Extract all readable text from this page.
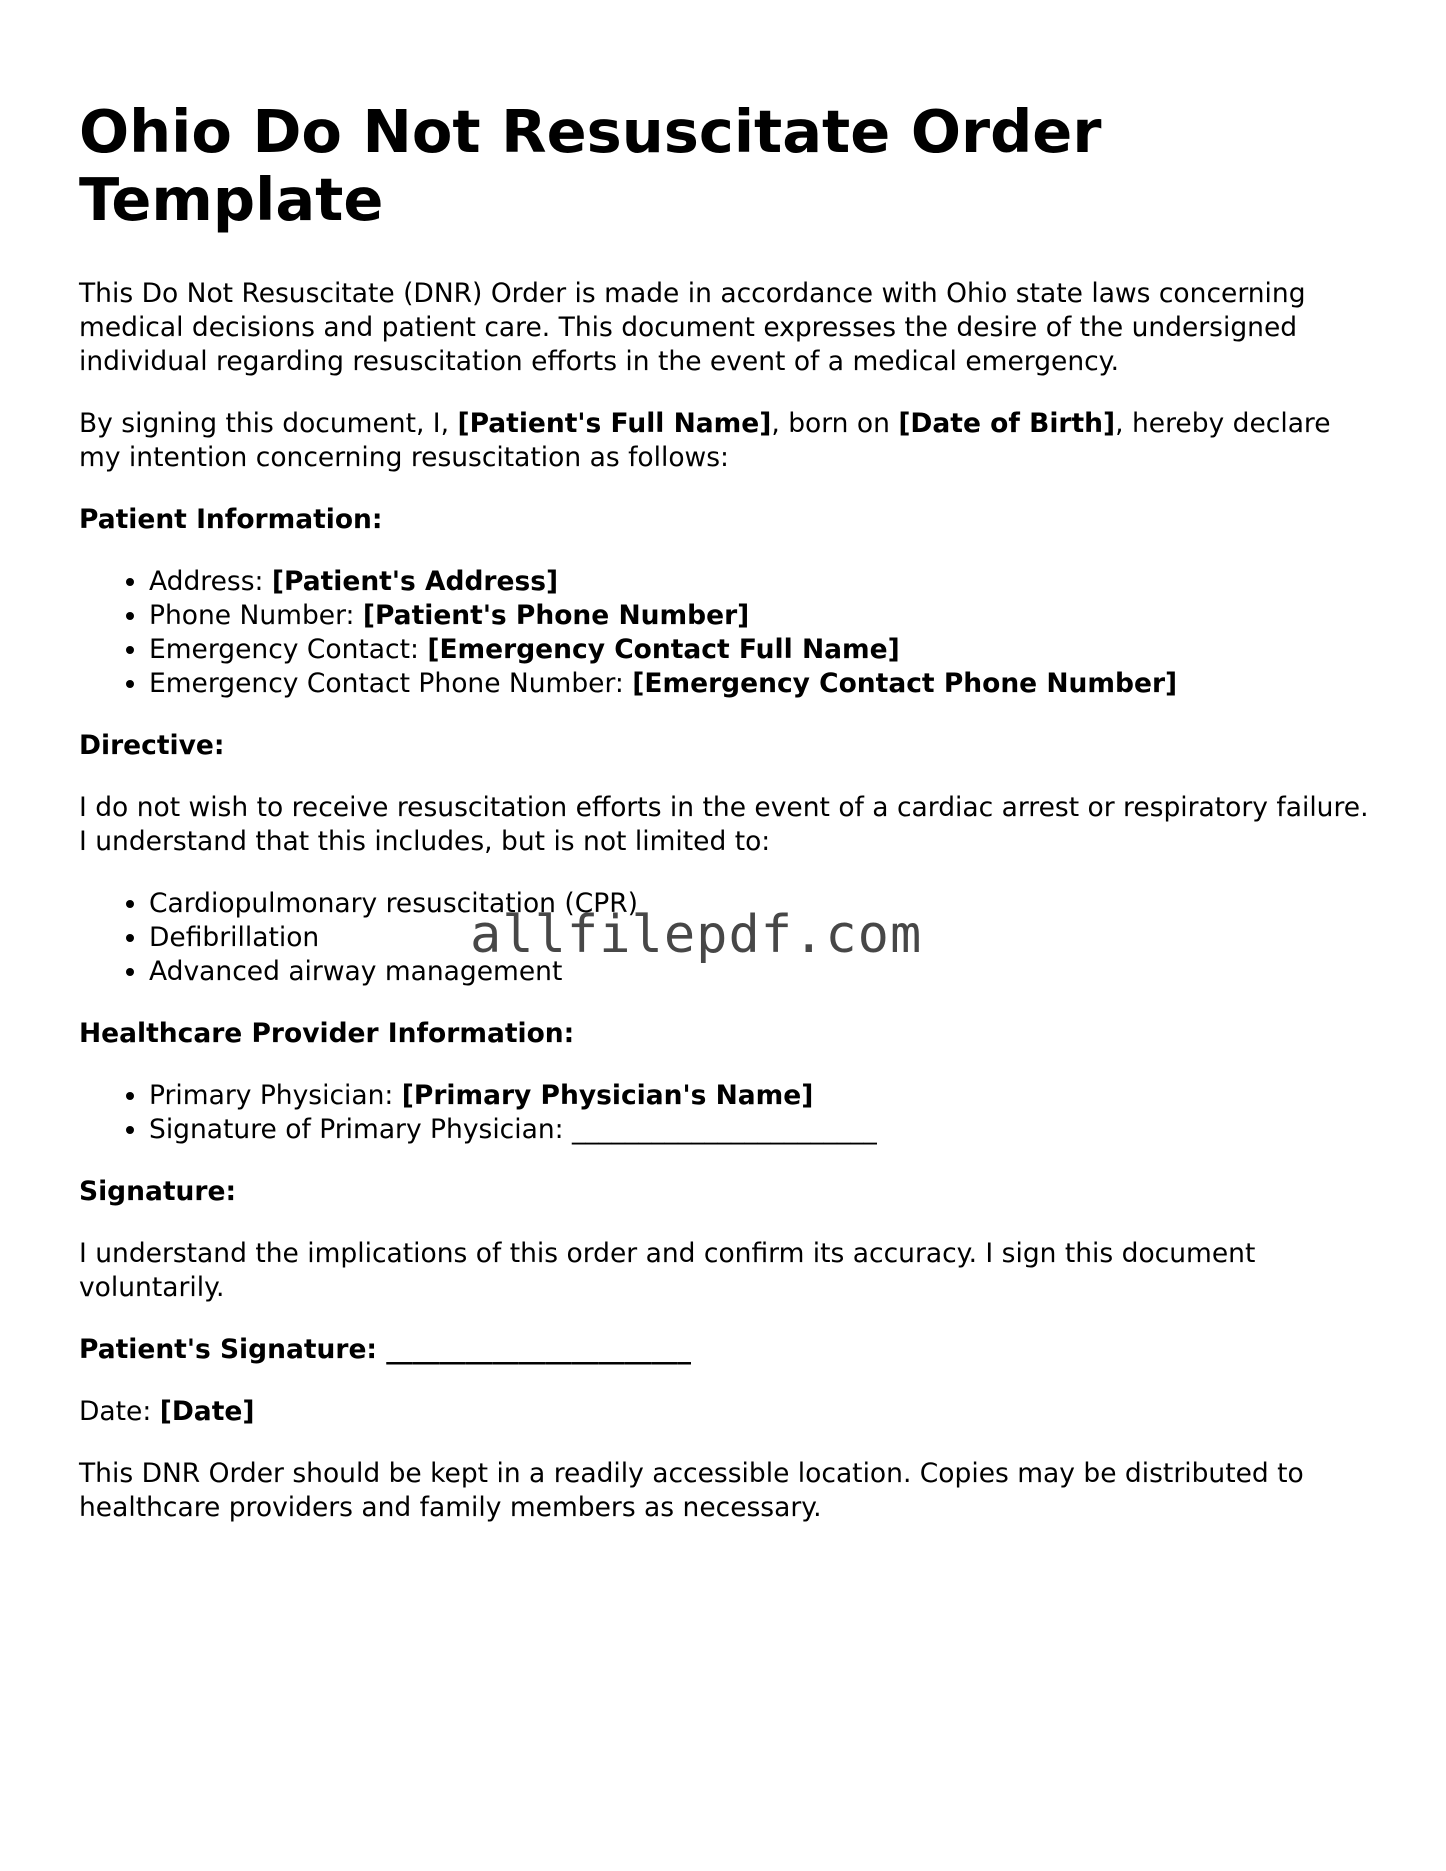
Ohio Do Not Resuscitate Order Template

This Do Not Resuscitate (DNR) Order is made in accordance with Ohio state laws concerning medical decisions and patient care. This document expresses the desire of the undersigned individual regarding resuscitation efforts in the event of a medical emergency.

By signing this document, I, [Patient's Full Name], born on [Date of Birth], hereby declare my intention concerning resuscitation as follows:

Patient Information:
• Address: [Patient's Address]
• Phone Number: [Patient's Phone Number]
• Emergency Contact: [Emergency Contact Full Name]
• Emergency Contact Phone Number: [Emergency Contact Phone Number]
Directive:

I do not wish to receive resuscitation efforts in the event of a cardiac arrest or respiratory failure. I understand that this includes, but is not limited to:

• Cardiopulmonary resuscitation (CPR)
• Defibrillation
• Advanced airway management
Healthcare Provider Information:
• Primary Physician: [Primary Physician's Name]
• Signature of Primary Physician: _______________________
Signature:

I understand the implications of this order and confirm its accuracy. I sign this document voluntarily.

Patient's Signature: _______________________

Date: [Date]

This DNR Order should be kept in a readily accessible location. Copies may be distributed to healthcare providers and family members as necessary.

allfilepdf.com
